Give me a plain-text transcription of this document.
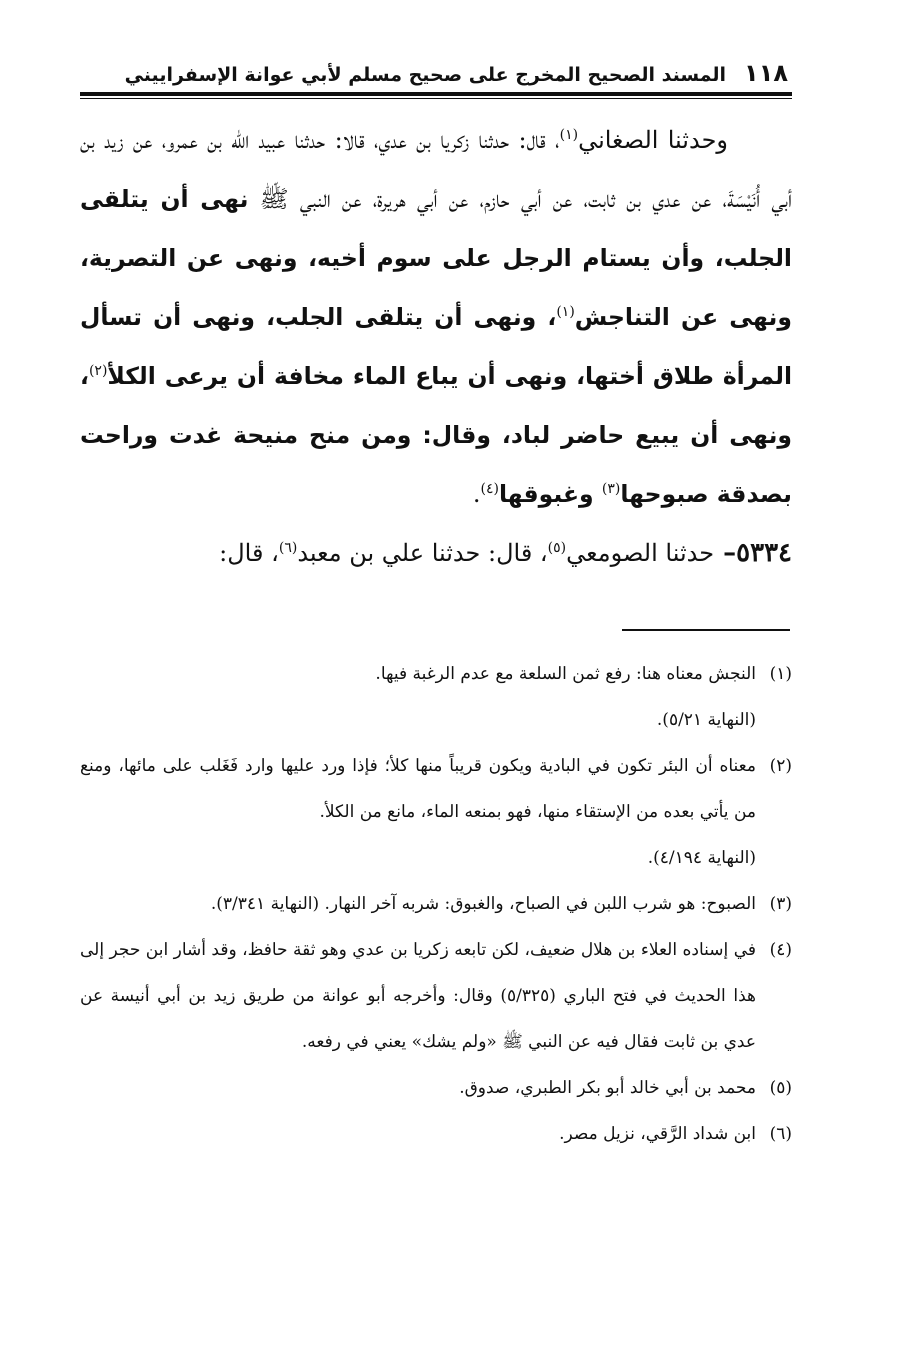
١١٨
المسند الصحيح المخرج على صحيح مسلم لأبي عوانة الإسفراييني

وحدثنا الصغاني$^{(١)}$، قال: حدثنا زكريا بن عدي، قالا: حدثنا عبيد الله بن عمرو، عن زيد بن أبي أُنَيْسَةَ، عن عدي بن ثابت، عن أبي حازم، عن أبي هريرة، عن النبي ﷺ نهى أن يتلقى الجلب، وأن يستام الرجل على سوم أخيه، ونهى عن التصرية، ونهى عن التناجش$^{(١)}$، ونهى أن يتلقى الجلب، ونهى أن تسأل المرأة طلاق أختها، ونهى أن يباع الماء مخافة أن يرعى الكلأ$^{(٢)}$، ونهى أن يبيع حاضر لباد، وقال: ومن منح منيحة غدت وراحت بصدقة صبوحها$^{(٣)}$ وغبوقها$^{(٤)}$.

٥٣٣٤– حدثنا الصومعي$^{(٥)}$، قال: حدثنا علي بن معبد$^{(٦)}$، قال:

(١)
النجش معناه هنا: رفع ثمن السلعة مع عدم الرغبة فيها.
(النهاية ٥/٢١).
(٢)
معناه أن البئر تكون في البادية ويكون قريباً منها كلأ؛ فإذا ورد عليها وارد فَغَلب على مائها، ومنع من يأتي بعده من الإستقاء منها، فهو بمنعه الماء، مانع من الكلأ.
(النهاية ٤/١٩٤).
(٣)
الصبوح: هو شرب اللبن في الصباح، والغبوق: شربه آخر النهار. (النهاية ٣/٣٤١).
(٤)
في إسناده العلاء بن هلال ضعيف، لكن تابعه زكريا بن عدي وهو ثقة حافظ، وقد أشار ابن حجر إلى هذا الحديث في فتح الباري (٥/٣٢٥) وقال: وأخرجه أبو عوانة من طريق زيد بن أبي أنيسة عن عدي بن ثابت فقال فيه عن النبي ﷺ «ولم يشك» يعني في رفعه.
(٥)
محمد بن أبي خالد أبو بكر الطبري، صدوق.
(٦)
ابن شداد الرَّقي، نزيل مصر.
